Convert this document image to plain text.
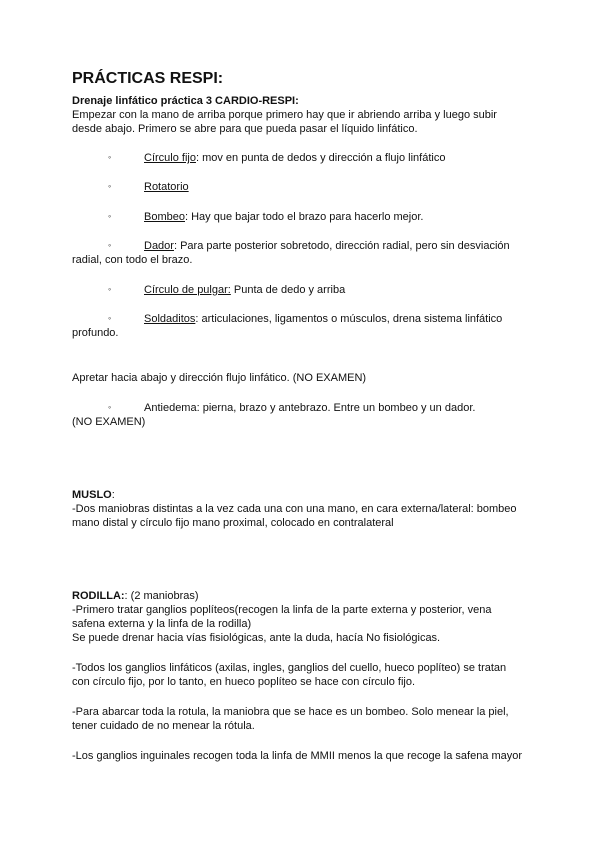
PRÁCTICAS RESPI:
Drenaje linfático práctica 3 CARDIO-RESPI:
Empezar con la mano de arriba porque primero hay que ir abriendo arriba y luego subir
desde abajo. Primero se abre para que pueda pasar el líquido linfático.
◦	Círculo fijo: mov en punta de dedos y dirección a flujo linfático
◦	Rotatorio
◦	Bombeo: Hay que bajar todo el brazo para hacerlo mejor.
◦	Dador: Para parte posterior sobretodo, dirección radial, pero sin desviación
radial, con todo el brazo.
◦	Círculo de pulgar: Punta de dedo y arriba
◦	Soldaditos: articulaciones, ligamentos o músculos, drena sistema linfático
profundo.
Apretar hacia abajo y dirección flujo linfático. (NO EXAMEN)
◦	Antiedema: pierna, brazo y antebrazo. Entre un bombeo y un dador.
(NO EXAMEN)
MUSLO:
-Dos maniobras distintas a la vez cada una con una mano, en cara externa/lateral: bombeo
mano distal y círculo fijo mano proximal, colocado en contralateral
RODILLA:: (2 maniobras)
-Primero tratar ganglios poplíteos(recogen la linfa de la parte externa y posterior, vena
safena externa y la linfa de la rodilla)
Se puede drenar hacia vías fisiológicas, ante la duda, hacía No fisiológicas.
-Todos los ganglios linfáticos (axilas, ingles, ganglios del cuello, hueco poplíteo) se tratan
con círculo fijo, por lo tanto, en hueco poplíteo se hace con círculo fijo.
-Para abarcar toda la rotula, la maniobra que se hace es un bombeo. Solo menear la piel,
tener cuidado de no menear la rótula.
-Los ganglios inguinales recogen toda la linfa de MMII menos la que recoge la safena mayor
